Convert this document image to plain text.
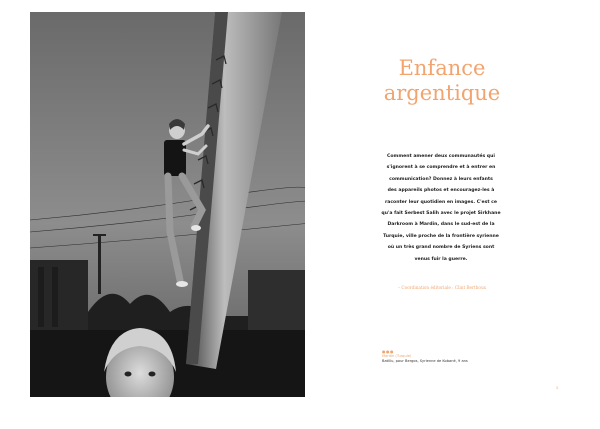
Enfance
argentique

Comment amener deux communautés qui
s'ignorent à se comprendre et à entrer en
communication? Donnez à leurs enfants
des appareils photos et encouragez-les à
raconter leur quotidien en images. C'est ce
qu'a fait Serbest Salih avec le projet Sirkhane
Darkroom à Mardin, dans le sud-est de la
Turquie, ville proche de la frontière syrienne
où un très grand nombre de Syriens sont
venus fuir la guerre.

– Coordination éditoriale : Clint Berthoux

●●●
Mardin (Turquie)
Batillu, pour Bergos, Syrienne de Kobané, 9 ans
5
